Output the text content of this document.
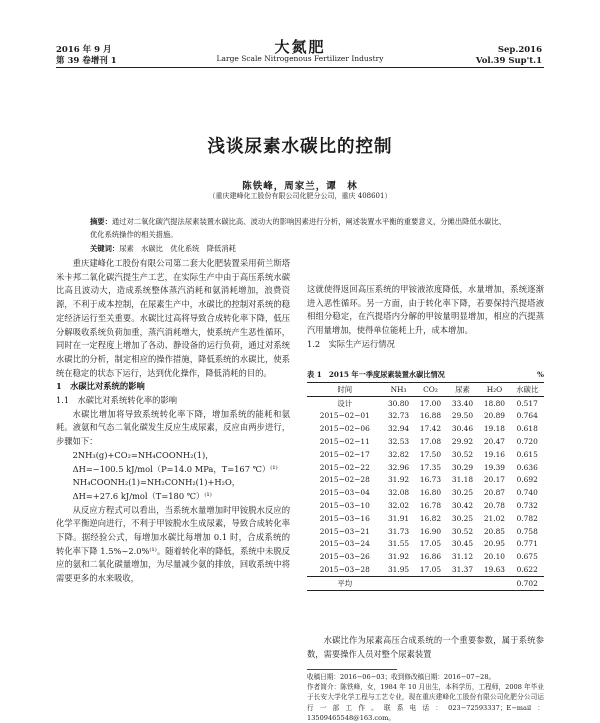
2016 年 9 月
第 39 卷增刊 1
大氮肥
Large Scale Nitrogenous Fertilizer Industry
Sep.2016
Vol.39 Sup't.1
浅谈尿素水碳比的控制
陈铁峰，周家兰，谭　林
（重庆建峰化工股份有限公司化肥分公司，重庆 408601）
摘要：通过对二氧化碳汽提法尿素装置水碳比高、波动大的影响因素进行分析，阐述装置水平衡的重要意义，分摊出降低水碳比、优化系统操作的相关措施。
关键词：尿素　水碳比　优化系统　降低消耗

重庆建峰化工股份有限公司第二套大化肥装置采用荷兰斯塔米卡邦二氧化碳汽提生产工艺，在实际生产中由于高压系统水碳比高且波动大，造成系统整体蒸汽消耗和氨消耗增加，浪费资源，不利于成本控制，在尿素生产中，水碳比的控制对系统的稳定经济运行至关重要。水碳比过高将导致合成转化率下降，低压分解吸收系统负荷加重，蒸汽消耗增大，使系统产生恶性循环，同时在一定程度上增加了各动、静设备的运行负荷，通过对系统水碳比的分析，制定相应的操作措施，降低系统的水碳比，使系统在稳定的状态下运行，达到优化操作，降低消耗的目的。

1　水碳比对系统的影响

1.1　水碳比对系统转化率的影响

水碳比增加将导致系统转化率下降，增加系统的能耗和氨耗。液氨和气态二氧化碳发生反应生成尿素，反应由两步进行，步骤如下：

2NH₃(g)+CO₂=NH₄COONH₂(1)，

ΔH=−100.5 kJ/mol（P=14.0 MPa，T=167 ℃）⁽¹⁾

NH₄COONH₂(1)=NH₂CONH₂(1)+H₂O，

ΔH=+27.6 kJ/mol（T=180 ℃）⁽¹⁾

从反应方程式可以看出，当系统水量增加时甲铵脱水反应的化学平衡逆向进行，不利于甲铵脱水生成尿素，导致合成转化率下降。据经验公式，每增加水碳比每增加 0.1 时，合成系统的转化率下降 1.5%~2.0%⁽¹⁾。随着转化率的降低，系统中未脱反应的氨和二氧化碳量增加，为尽量减少氨的排放，回收系统中将需要更多的水来吸收，

这就使得返回高压系统的甲铵液浓度降低，水量增加，系统逐渐进入恶性循环。另一方面，由于转化率下降，若要保持汽提塔液相组分稳定，在汽提塔内分解的甲铵量明显增加，相应的汽提蒸汽用量增加，使得单位能耗上升，成本增加。

1.2　实际生产运行情况

表 1　2015 年一季度尿素装置水碳比情况	%
时间	NH₃	CO₂	尿素	H₂O	水碳比
设计	30.80	17.00	33.40	18.80	0.517
2015−02−01	32.73	16.88	29.50	20.89	0.764
2015−02−06	32.94	17.42	30.46	19.18	0.618
2015−02−11	32.53	17.08	29.92	20.47	0.720
2015−02−17	32.82	17.50	30.52	19.16	0.615
2015−02−22	32.96	17.35	30.29	19.39	0.636
2015−02−28	31.92	16.73	31.18	20.17	0.692
2015−03−04	32.08	16.80	30.25	20.87	0.740
2015−03−10	32.02	16.78	30.42	20.78	0.732
2015−03−16	31.91	16.82	30.25	21.02	0.782
2015−03−21	31.73	16.90	30.52	20.85	0.758
2015−03−24	31.55	17.05	30.45	20.95	0.771
2015−03−26	31.92	16.86	31.12	20.10	0.675
2015−03−28	31.95	17.05	31.37	19.63	0.622
平均					0.702

水碳比作为尿素高压合成系统的一个重要参数，属于系统参数，需要操作人员对整个尿素装置

收稿日期：2016−06−03；收到修改稿日期：2016−07−28。

作者简介：陈铁峰，女，1984 年 10 月出生，本科学历，工程师，2008 年毕业于长安大学化学工程与工艺专业，现在重庆建峰化工股份有限公司化肥分公司运行一部工作。联系电话：023−72593337；E−mail：13509465548@163.com。
